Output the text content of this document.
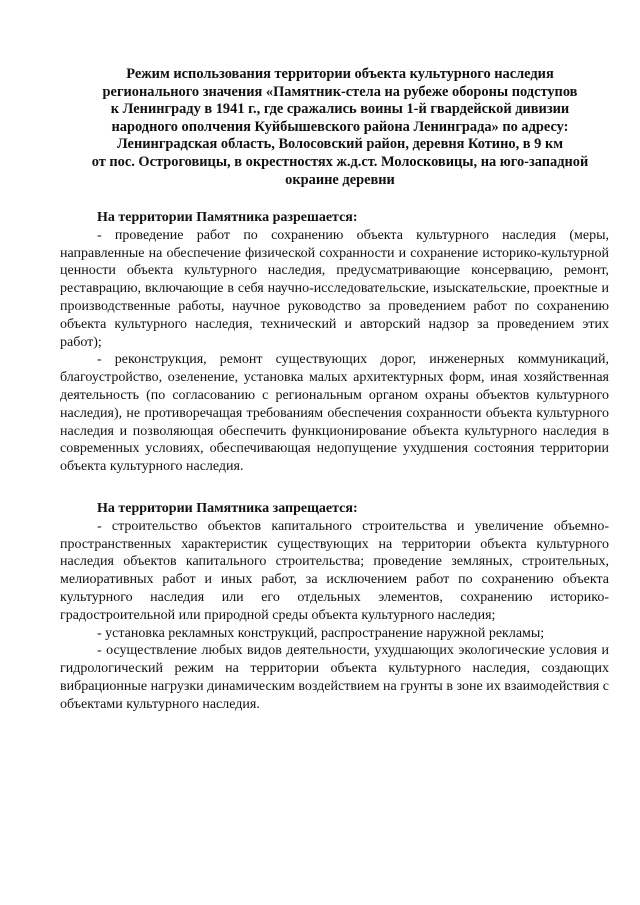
Режим использования территории объекта культурного наследия
регионального значения «Памятник-стела на рубеже обороны подступов
к Ленинграду в 1941 г., где сражались воины 1-й гвардейской дивизии
народного ополчения Куйбышевского района Ленинграда» по адресу:
Ленинградская область, Волосовский район, деревня Котино, в 9 км
от пос. Остроговицы, в окрестностях ж.д.ст. Молосковицы, на юго-западной
окраине деревни

На территории Памятника разрешается:

- проведение работ по сохранению объекта культурного наследия (меры, направленные на обеспечение физической сохранности и сохранение историко-культурной ценности объекта культурного наследия, предусматривающие консервацию, ремонт, реставрацию, включающие в себя научно-исследовательские, изыскательские, проектные и производственные работы, научное руководство за проведением работ по сохранению объекта культурного наследия, технический и авторский надзор за проведением этих работ);

- реконструкция, ремонт существующих дорог, инженерных коммуникаций, благоустройство, озеленение, установка малых архитектурных форм, иная хозяйственная деятельность (по согласованию с региональным органом охраны объектов культурного наследия), не противоречащая требованиям обеспечения сохранности объекта культурного наследия и позволяющая обеспечить функционирование объекта культурного наследия в современных условиях, обеспечивающая недопущение ухудшения состояния территории объекта культурного наследия.

На территории Памятника запрещается:

- строительство объектов капитального строительства и увеличение объемно-пространственных характеристик существующих на территории объекта культурного наследия объектов капитального строительства; проведение земляных, строительных, мелиоративных работ и иных работ, за исключением работ по сохранению объекта культурного наследия или его отдельных элементов, сохранению историко-градостроительной или природной среды объекта культурного наследия;

- установка рекламных конструкций, распространение наружной рекламы;

- осуществление любых видов деятельности, ухудшающих экологические условия и гидрологический режим на территории объекта культурного наследия, создающих вибрационные нагрузки динамическим воздействием на грунты в зоне их взаимодействия с объектами культурного наследия.
